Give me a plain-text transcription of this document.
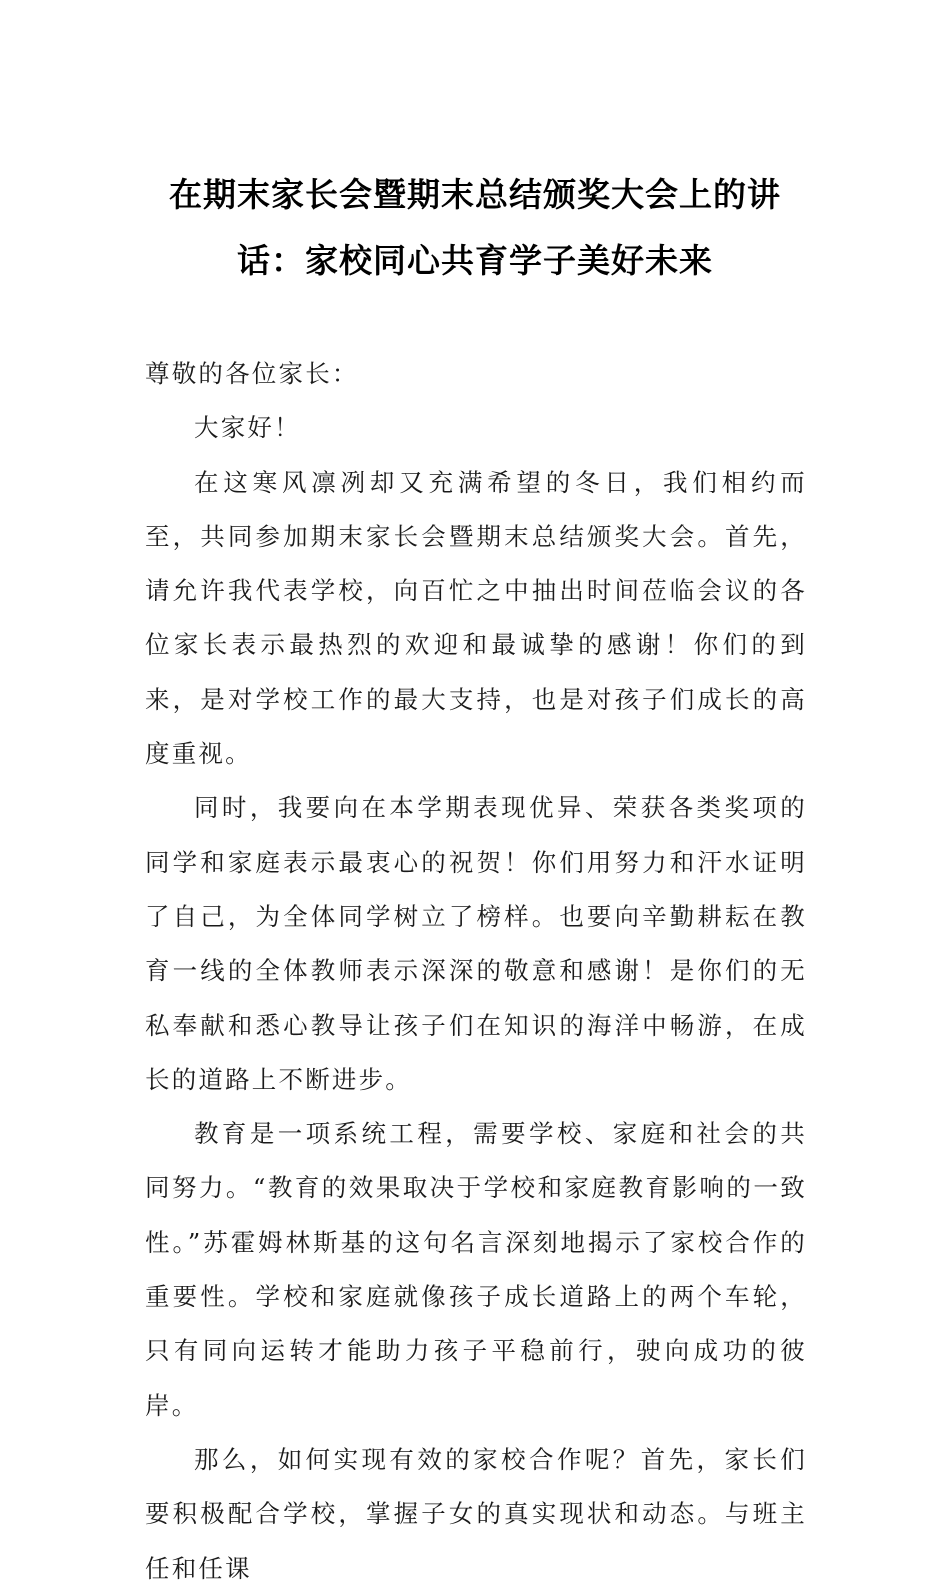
在期末家长会暨期末总结颁奖大会上的讲
话：家校同心共育学子美好未来

尊敬的各位家长：

大家好！

在这寒风凛冽却又充满希望的冬日，我们相约而至，共同参加期末家长会暨期末总结颁奖大会。首先，请允许我代表学校，向百忙之中抽出时间莅临会议的各位家长表示最热烈的欢迎和最诚挚的感谢！你们的到来，是对学校工作的最大支持，也是对孩子们成长的高度重视。

同时，我要向在本学期表现优异、荣获各类奖项的同学和家庭表示最衷心的祝贺！你们用努力和汗水证明了自己，为全体同学树立了榜样。也要向辛勤耕耘在教育一线的全体教师表示深深的敬意和感谢！是你们的无私奉献和悉心教导让孩子们在知识的海洋中畅游，在成长的道路上不断进步。

教育是一项系统工程，需要学校、家庭和社会的共同努力。“教育的效果取决于学校和家庭教育影响的一致性。”苏霍姆林斯基的这句名言深刻地揭示了家校合作的重要性。学校和家庭就像孩子成长道路上的两个车轮，只有同向运转才能助力孩子平稳前行，驶向成功的彼岸。

那么，如何实现有效的家校合作呢？首先，家长们要积极配合学校，掌握子女的真实现状和动态。与班主任和任课
